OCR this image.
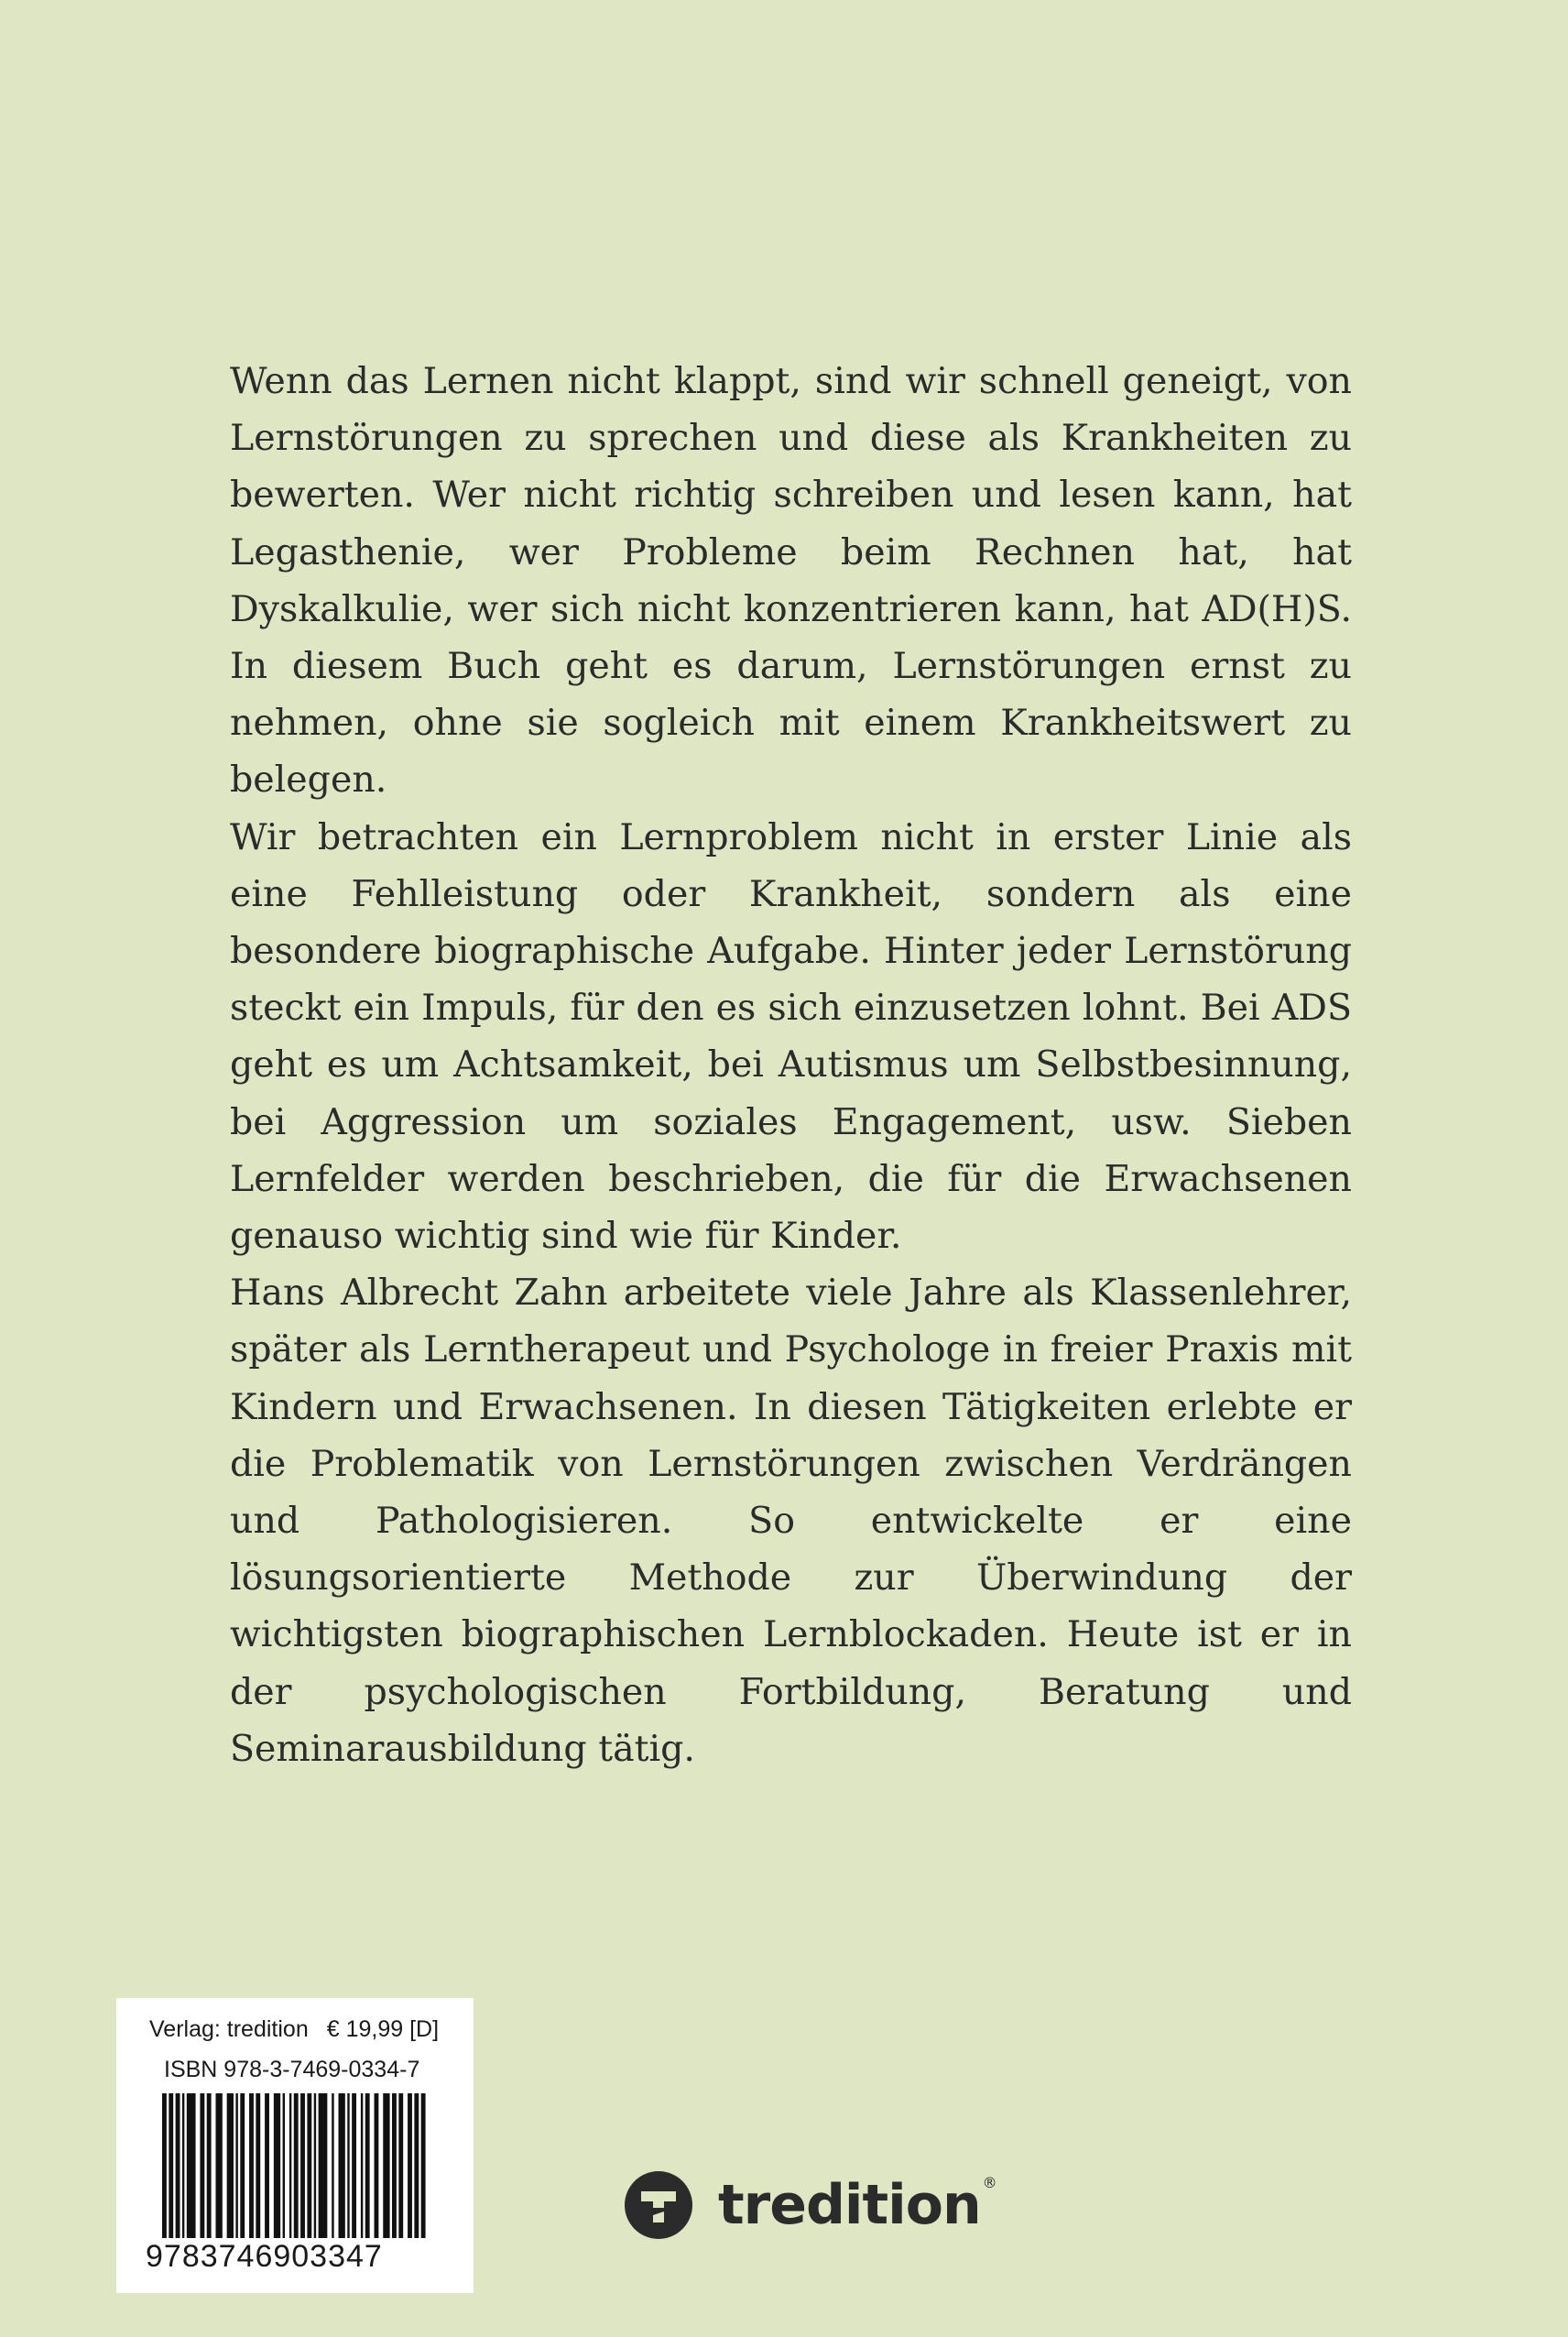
Wenn das Lernen nicht klappt, sind wir schnell geneigt, von Lernstörungen zu sprechen und diese als Krankheiten zu bewerten. Wer nicht richtig schreiben und lesen kann, hat Legasthenie, wer Probleme beim Rechnen hat, hat Dyskalkulie, wer sich nicht konzentrieren kann, hat AD(H)S. In diesem Buch geht es darum, Lernstörungen ernst zu nehmen, ohne sie sogleich mit einem Krankheitswert zu belegen.

Wir betrachten ein Lernproblem nicht in erster Linie als eine Fehlleistung oder Krankheit, sondern als eine besondere biographische Aufgabe. Hinter jeder Lernstörung steckt ein Impuls, für den es sich einzusetzen lohnt. Bei ADS geht es um Achtsamkeit, bei Autismus um Selbstbesinnung, bei Aggression um soziales Engagement, usw. Sieben Lernfelder werden beschrieben, die für die Erwachsenen genauso wichtig sind wie für Kinder.

Hans Albrecht Zahn arbeitete viele Jahre als Klassenlehrer, später als Lerntherapeut und Psychologe in freier Praxis mit Kindern und Erwachsenen. In diesen Tätigkeiten erlebte er die Problematik von Lernstörungen zwischen Verdrängen und Pathologisieren. So entwickelte er eine lösungsorientierte Methode zur Überwindung der wichtigsten biographischen Lernblockaden. Heute ist er in der psychologischen Fortbildung, Beratung und Seminarausbildung tätig.

Verlag: tredition € 19,99 [D]
ISBN 978-3-7469-0334-7
9783746903347
tredition ®
